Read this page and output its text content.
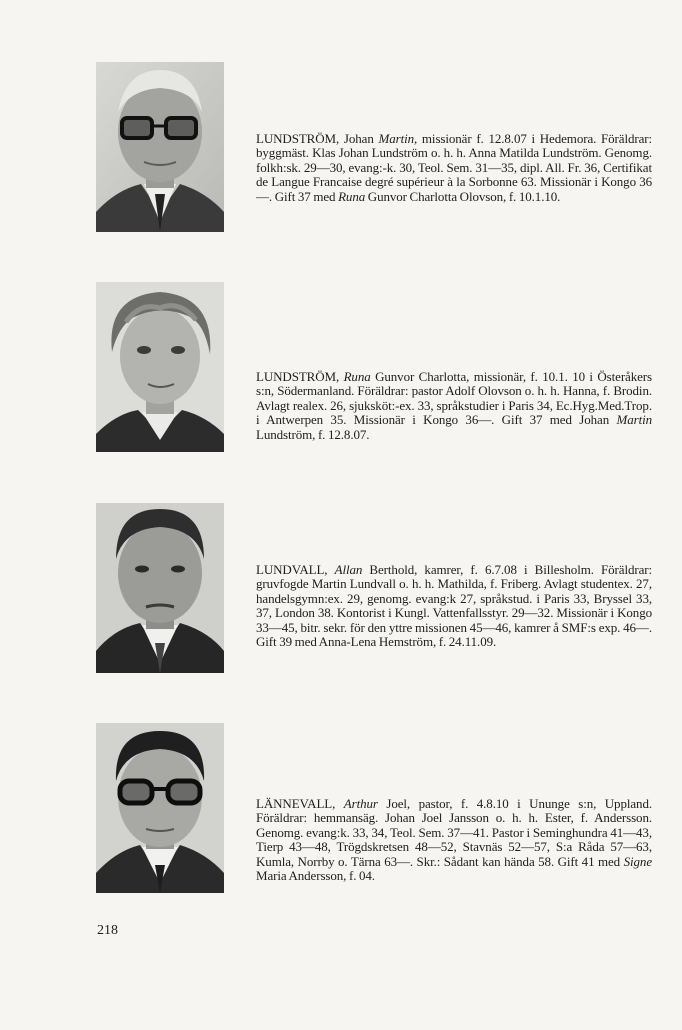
LUNDSTRÖM, Johan Martin, missionär f. 12.8.07 i Hedemora. Föräldrar: byggmäst. Klas Johan Lundström o. h. h. Anna Matilda Lundström. Genomg. folkh:sk. 29—30, evang:-k. 30, Teol. Sem. 31—35, dipl. All. Fr. 36, Certifikat de Langue Francaise degré supérieur à la Sorbonne 63. Missionär i Kongo 36—. Gift 37 med Runa Gunvor Charlotta Olovson, f. 10.1.10.
LUNDSTRÖM, Runa Gunvor Charlotta, missionär, f. 10.1. 10 i Österåkers s:n, Södermanland. Föräldrar: pastor Adolf Olovson o. h. h. Hanna, f. Brodin. Avlagt realex. 26, sjuksköt:-ex. 33, språkstudier i Paris 34, Ec.Hyg.Med.Trop. i Antwerpen 35. Missionär i Kongo 36—. Gift 37 med Johan Martin Lundström, f. 12.8.07.
LUNDVALL, Allan Berthold, kamrer, f. 6.7.08 i Billesholm. Föräldrar: gruvfogde Martin Lundvall o. h. h. Mathilda, f. Friberg. Avlagt studentex. 27, handelsgymn:ex. 29, genomg. evang:k 27, språkstud. i Paris 33, Bryssel 33, 37, London 38. Kontorist i Kungl. Vattenfallsstyr. 29—32. Missionär i Kongo 33—45, bitr. sekr. för den yttre missionen 45—46, kamrer å SMF:s exp. 46—. Gift 39 med Anna-Lena Hemström, f. 24.11.09.
LÄNNEVALL, Arthur Joel, pastor, f. 4.8.10 i Ununge s:n, Uppland. Föräldrar: hemmansäg. Johan Joel Jansson o. h. h. Ester, f. Andersson. Genomg. evang:k. 33, 34, Teol. Sem. 37—41. Pastor i Seminghundra 41—43, Tierp 43—48, Trögdskretsen 48—52, Stavnäs 52—57, S:a Råda 57—63, Kumla, Norrby o. Tärna 63—. Skr.: Sådant kan hända 58. Gift 41 med Signe Maria Andersson, f. 04.
218
